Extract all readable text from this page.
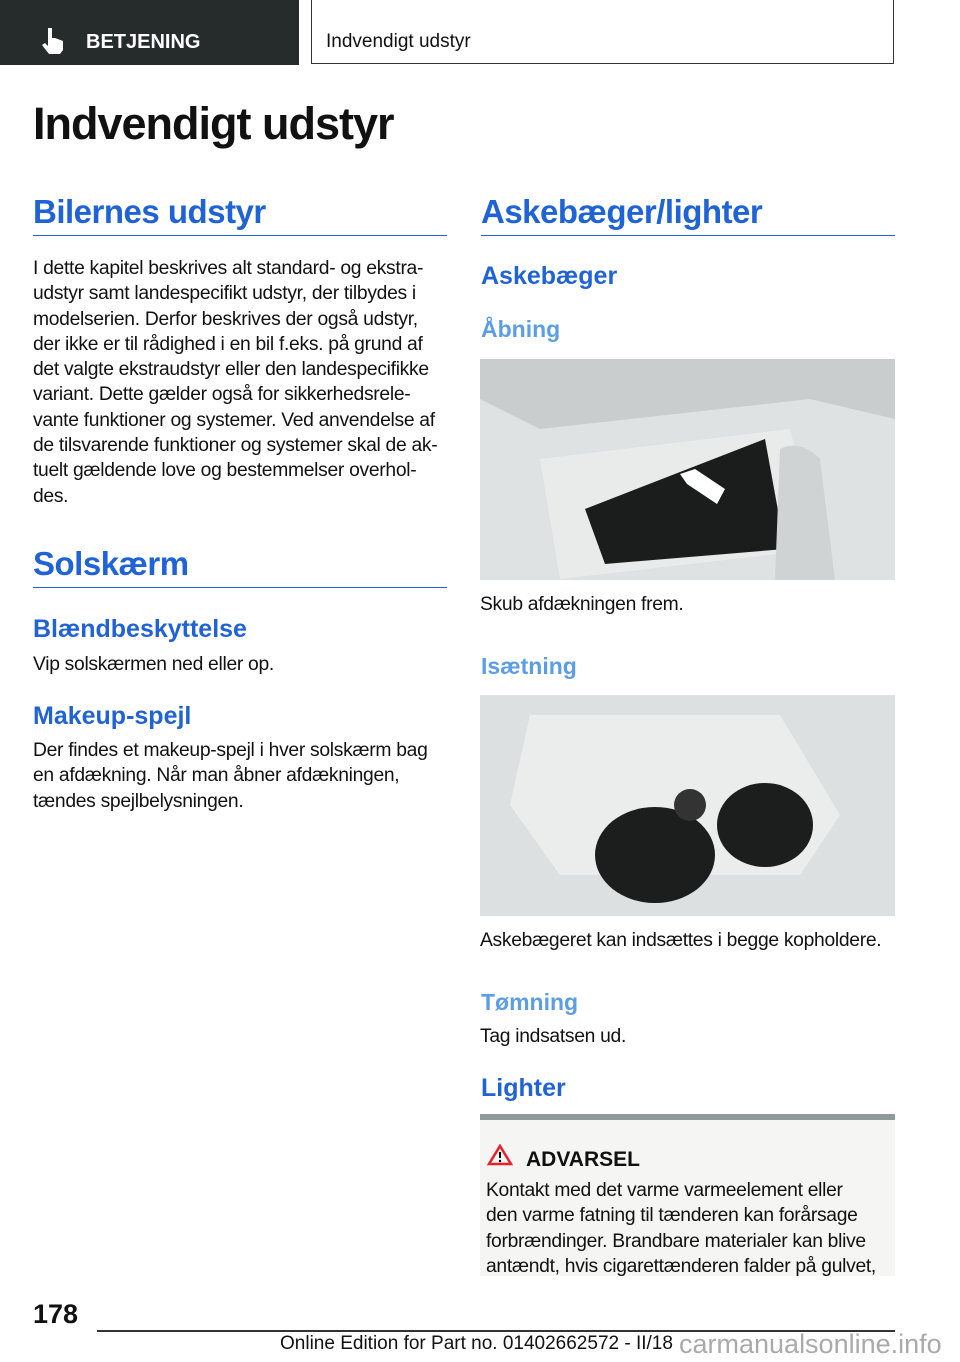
BETJENING	Indvendigt udstyr
Indvendigt udstyr
Bilernes udstyr

I dette kapitel beskrives alt standard- og ekstra-
udstyr samt landespecifikt udstyr, der tilbydes i
modelserien. Derfor beskrives der også udstyr,
der ikke er til rådighed i en bil f.eks. på grund af
det valgte ekstraudstyr eller den landespecifikke
variant. Dette gælder også for sikkerhedsrele-
vante funktioner og systemer. Ved anvendelse af
de tilsvarende funktioner og systemer skal de ak-
tuelt gældende love og bestemmelser overhol-
des.

Solskærm
Blændbeskyttelse

Vip solskærmen ned eller op.

Makeup-spejl

Der findes et makeup-spejl i hver solskærm bag
en afdækning. Når man åbner afdækningen,
tændes spejlbelysningen.

Askebæger/lighter
Askebæger
Åbning

Skub afdækningen frem.

Isætning

Askebægeret kan indsættes i begge kopholdere.

Tømning

Tag indsatsen ud.

Lighter
ADVARSEL

Kontakt med det varme varmeelement eller
den varme fatning til tænderen kan forårsage
forbrændinger. Brandbare materialer kan blive
antændt, hvis cigarettænderen falder på gulvet,

178
Online Edition for Part no. 01402662572 - II/18 carmanualsonline.info
